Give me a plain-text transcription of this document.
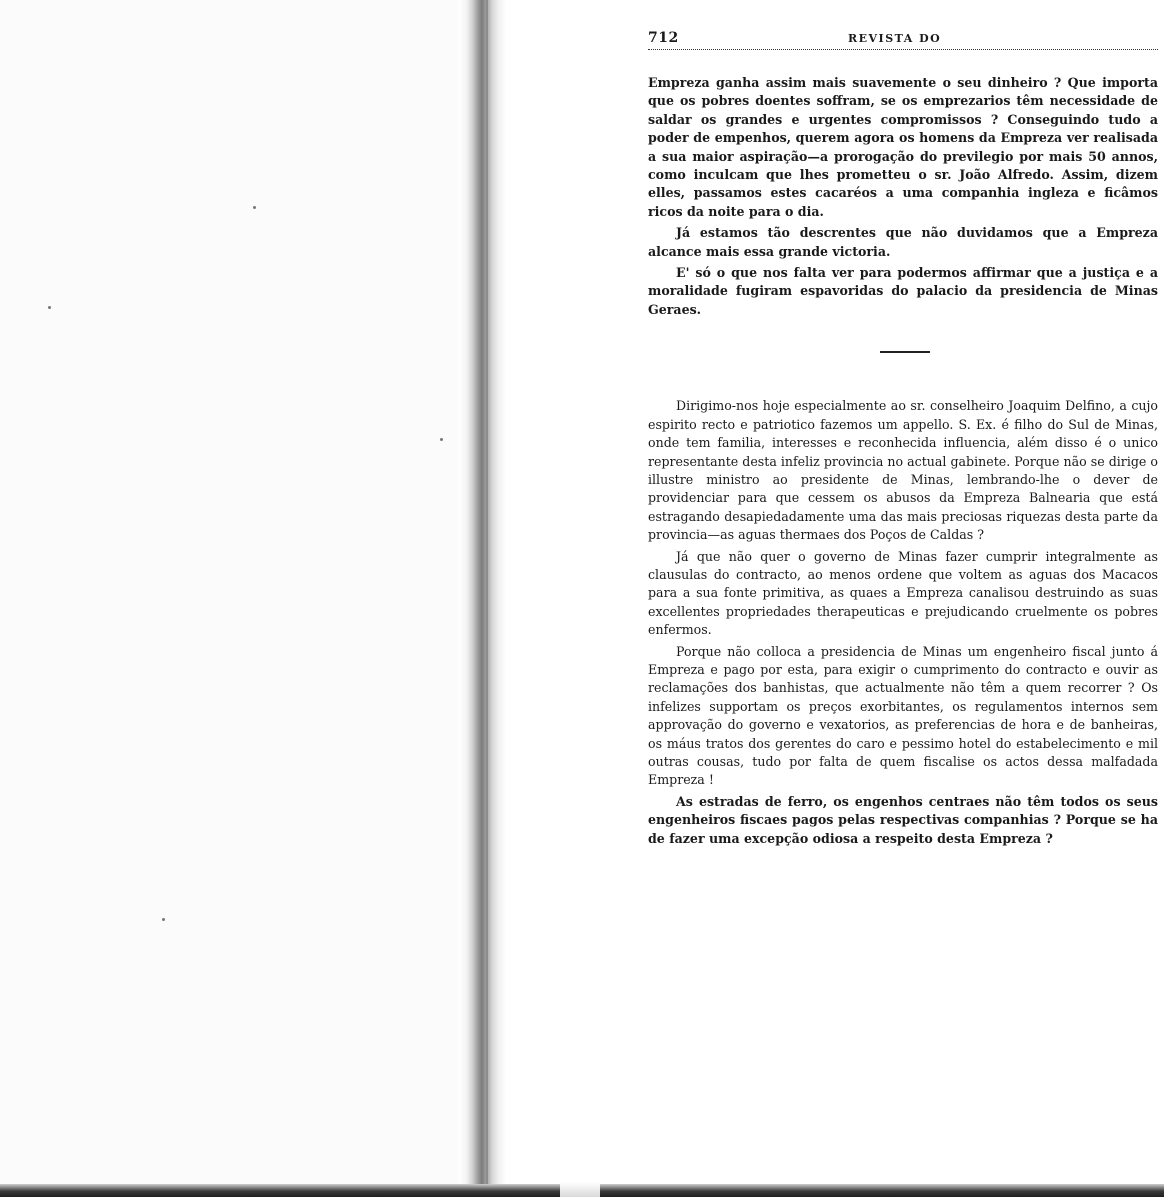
712	REVISTA DO

Empreza ganha assim mais suavemente o seu dinheiro ? Que importa que os pobres doentes soffram, se os emprezarios têm necessidade de saldar os grandes e urgentes compromissos ? Conseguindo tudo a poder de empenhos, querem agora os homens da Empreza ver realisada a sua maior aspiração—a prorogação do previlegio por mais 50 annos, como inculcam que lhes prometteu o sr. João Alfredo. Assim, dizem elles, passamos estes cacaréos a uma companhia ingleza e ficâmos ricos da noite para o dia.

Já estamos tão descrentes que não duvidamos que a Empreza alcance mais essa grande victoria.

E' só o que nos falta ver para podermos affirmar que a justiça e a moralidade fugiram espavoridas do palacio da presidencia de Minas Geraes.

Dirigimo-nos hoje especialmente ao sr. conselheiro Joaquim Delfino, a cujo espirito recto e patriotico fazemos um appello. S. Ex. é filho do Sul de Minas, onde tem familia, interesses e reconhecida influencia, além disso é o unico representante desta infeliz provincia no actual gabinete. Porque não se dirige o illustre ministro ao presidente de Minas, lembrando-lhe o dever de providenciar para que cessem os abusos da Empreza Balnearia que está estragando desapiedadamente uma das mais preciosas riquezas desta parte da provincia—as aguas thermaes dos Poços de Caldas ?

Já que não quer o governo de Minas fazer cumprir integralmente as clausulas do contracto, ao menos ordene que voltem as aguas dos Macacos para a sua fonte primitiva, as quaes a Empreza canalisou destruindo as suas excellentes propriedades therapeuticas e prejudicando cruelmente os pobres enfermos.

Porque não colloca a presidencia de Minas um engenheiro fiscal junto á Empreza e pago por esta, para exigir o cumprimento do contracto e ouvir as reclamações dos banhistas, que actualmente não têm a quem recorrer ? Os infelizes supportam os preços exorbitantes, os regulamentos internos sem approvação do governo e vexatorios, as preferencias de hora e de banheiras, os máus tratos dos gerentes do caro e pessimo hotel do estabelecimento e mil outras cousas, tudo por falta de quem fiscalise os actos dessa malfadada Empreza !

As estradas de ferro, os engenhos centraes não têm todos os seus engenheiros fiscaes pagos pelas respectivas companhias ? Porque se ha de fazer uma excepção odiosa a respeito desta Empreza ?
